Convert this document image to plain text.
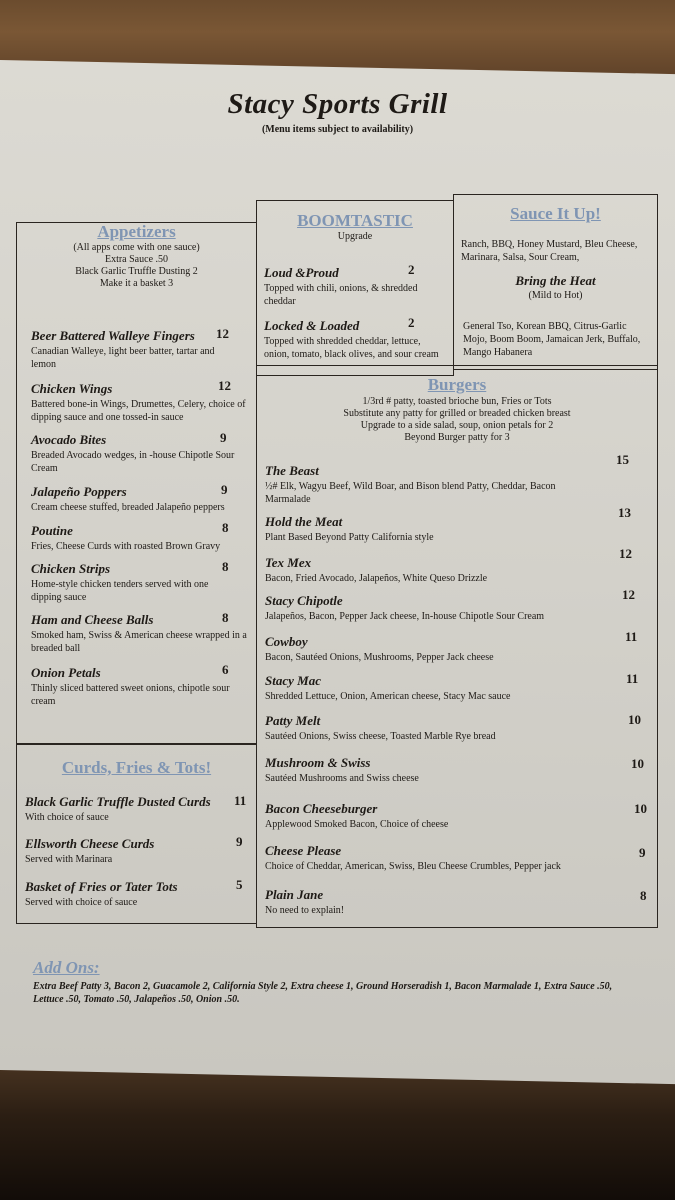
Stacy Sports Grill
(Menu items subject to availability)
Appetizers
(All apps come with one sauce)
Extra Sauce .50
Black Garlic Truffle Dusting 2
Make it a basket 3
Beer Battered Walleye Fingers
Canadian Walleye, light beer batter, tartar and lemon
12
Chicken Wings
Battered bone-in Wings, Drumettes, Celery, choice of dipping sauce and one tossed-in sauce
12
Avocado Bites
Breaded Avocado wedges, in -house Chipotle Sour Cream
9
Jalapeño Poppers
Cream cheese stuffed, breaded Jalapeño peppers
9
Poutine
Fries, Cheese Curds with roasted Brown Gravy
8
Chicken Strips
Home-style chicken tenders served with one dipping sauce
8
Ham and Cheese Balls
Smoked ham, Swiss & American cheese wrapped in a breaded ball
8
Onion Petals
Thinly sliced battered sweet onions, chipotle sour cream
6
Curds, Fries & Tots!
Black Garlic Truffle Dusted Curds
With choice of sauce
11
Ellsworth Cheese Curds
Served with Marinara
9
Basket of Fries or Tater Tots
Served with choice of sauce
5
BOOMTASTIC
Upgrade
Loud &Proud
Topped with chili, onions, & shredded cheddar
2
Locked & Loaded
Topped with shredded cheddar, lettuce, onion, tomato, black olives, and sour cream
2
Sauce It Up!
Ranch, BBQ, Honey Mustard, Bleu Cheese, Marinara, Salsa, Sour Cream,
Bring the Heat
(Mild to Hot)
General Tso, Korean BBQ, Citrus-Garlic Mojo, Boom Boom, Jamaican Jerk, Buffalo, Mango Habanera
Burgers
1/3rd # patty, toasted brioche bun, Fries or Tots
Substitute any patty for grilled or breaded chicken breast
Upgrade to a side salad, soup, onion petals for 2
Beyond Burger patty for 3
The Beast
½# Elk, Wagyu Beef, Wild Boar, and Bison blend Patty, Cheddar, Bacon Marmalade
15
Hold the Meat
Plant Based Beyond Patty California style
13
Tex Mex
Bacon, Fried Avocado, Jalapeños, White Queso Drizzle
12
Stacy Chipotle
Jalapeños, Bacon, Pepper Jack cheese, In-house Chipotle Sour Cream
12
Cowboy
Bacon, Sautéed Onions, Mushrooms, Pepper Jack cheese
11
Stacy Mac
Shredded Lettuce, Onion, American cheese, Stacy Mac sauce
11
Patty Melt
Sautéed Onions, Swiss cheese, Toasted Marble Rye bread
10
Mushroom & Swiss
Sautéed Mushrooms and Swiss cheese
10
Bacon Cheeseburger
Applewood Smoked Bacon, Choice of cheese
10
Cheese Please
Choice of Cheddar, American, Swiss, Bleu Cheese Crumbles, Pepper jack
9
Plain Jane
No need to explain!
8
Add Ons:
Extra Beef Patty 3, Bacon 2, Guacamole 2, California Style 2, Extra cheese 1, Ground Horseradish 1, Bacon Marmalade 1, Extra Sauce .50, Lettuce .50, Tomato .50, Jalapeños .50, Onion .50.
